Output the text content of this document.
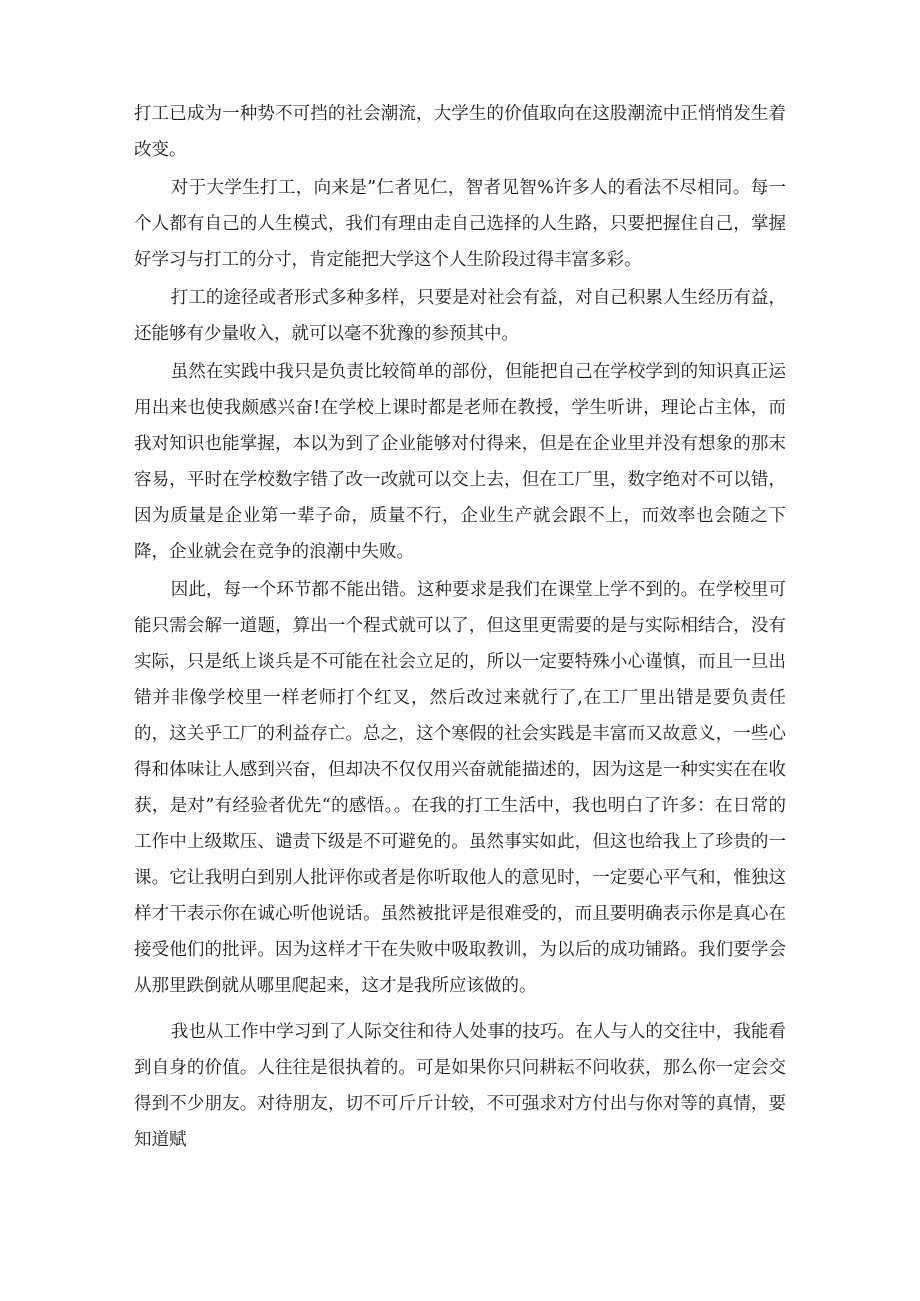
打工已成为一种势不可挡的社会潮流，大学生的价值取向在这股潮流中正悄悄发生着改变。

对于大学生打工，向来是”仁者见仁，智者见智%许多人的看法不尽相同。每一个人都有自己的人生模式，我们有理由走自己选择的人生路，只要把握住自己，掌握好学习与打工的分寸，肯定能把大学这个人生阶段过得丰富多彩。

打工的途径或者形式多种多样，只要是对社会有益，对自己积累人生经历有益，还能够有少量收入，就可以毫不犹豫的参预其中。

虽然在实践中我只是负责比较简单的部份，但能把自己在学校学到的知识真正运用出来也使我颇感兴奋!在学校上课时都是老师在教授，学生听讲，理论占主体，而我对知识也能掌握，本以为到了企业能够对付得来，但是在企业里并没有想象的那末容易，平时在学校数字错了改一改就可以交上去，但在工厂里，数字绝对不可以错，因为质量是企业第一辈子命，质量不行，企业生产就会跟不上，而效率也会随之下降，企业就会在竞争的浪潮中失败。

因此，每一个环节都不能出错。这种要求是我们在课堂上学不到的。在学校里可能只需会解一道题，算出一个程式就可以了，但这里更需要的是与实际相结合，没有实际，只是纸上谈兵是不可能在社会立足的，所以一定要特殊小心谨慎，而且一旦出错并非像学校里一样老师打个红叉，然后改过来就行了,在工厂里出错是要负责任的，这关乎工厂的利益存亡。总之，这个寒假的社会实践是丰富而又故意义，一些心得和体味让人感到兴奋，但却决不仅仅用兴奋就能描述的，因为这是一种实实在在收获，是对”有经验者优先“的感悟。。在我的打工生活中，我也明白了许多：在日常的工作中上级欺压、谴责下级是不可避免的。虽然事实如此，但这也给我上了珍贵的一课。它让我明白到别人批评你或者是你听取他人的意见时，一定要心平气和，惟独这样才干表示你在诚心听他说话。虽然被批评是很难受的，而且要明确表示你是真心在接受他们的批评。因为这样才干在失败中吸取教训，为以后的成功铺路。我们要学会从那里跌倒就从哪里爬起来，这才是我所应该做的。

我也从工作中学习到了人际交往和待人处事的技巧。在人与人的交往中，我能看到自身的价值。人往往是很执着的。可是如果你只问耕耘不问收获，那么你一定会交得到不少朋友。对待朋友，切不可斤斤计较，不可强求对方付出与你对等的真情，要知道赋
